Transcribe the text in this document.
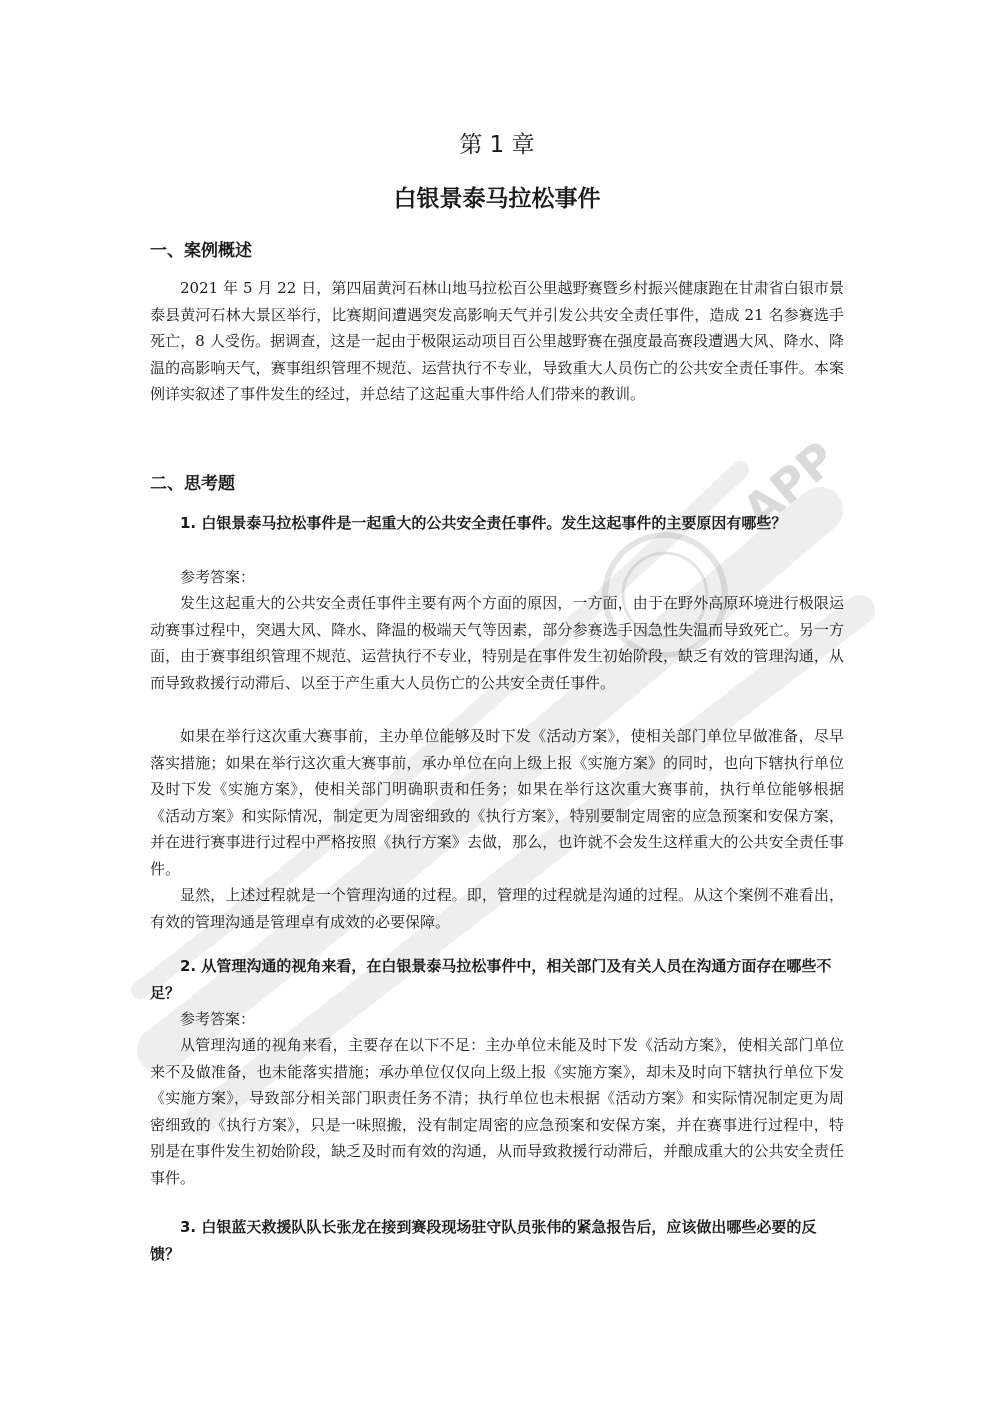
APP
第 1 章
白银景泰马拉松事件
一、案例概述

2021 年 5 月 22 日，第四届黄河石林山地马拉松百公里越野赛暨乡村振兴健康跑在甘肃省白银市景泰县黄河石林大景区举行，比赛期间遭遇突发高影响天气并引发公共安全责任事件，造成 21 名参赛选手死亡，8 人受伤。据调查，这是一起由于极限运动项目百公里越野赛在强度最高赛段遭遇大风、降水、降温的高影响天气，赛事组织管理不规范、运营执行不专业，导致重大人员伤亡的公共安全责任事件。本案例详实叙述了事件发生的经过，并总结了这起重大事件给人们带来的教训。

二、思考题

1. 白银景泰马拉松事件是一起重大的公共安全责任事件。发生这起事件的主要原因有哪些？

参考答案：

发生这起重大的公共安全责任事件主要有两个方面的原因，一方面，由于在野外高原环境进行极限运动赛事过程中，突遇大风、降水、降温的极端天气等因素，部分参赛选手因急性失温而导致死亡。另一方面，由于赛事组织管理不规范、运营执行不专业，特别是在事件发生初始阶段，缺乏有效的管理沟通，从而导致救援行动滞后、以至于产生重大人员伤亡的公共安全责任事件。

如果在举行这次重大赛事前，主办单位能够及时下发《活动方案》，使相关部门单位早做准备，尽早落实措施；如果在举行这次重大赛事前，承办单位在向上级上报《实施方案》的同时，也向下辖执行单位及时下发《实施方案》，使相关部门明确职责和任务；如果在举行这次重大赛事前，执行单位能够根据《活动方案》和实际情况，制定更为周密细致的《执行方案》，特别要制定周密的应急预案和安保方案，并在进行赛事进行过程中严格按照《执行方案》去做，那么，也许就不会发生这样重大的公共安全责任事件。

显然，上述过程就是一个管理沟通的过程。即，管理的过程就是沟通的过程。从这个案例不难看出，有效的管理沟通是管理卓有成效的必要保障。

2. 从管理沟通的视角来看，在白银景泰马拉松事件中，相关部门及有关人员在沟通方面存在哪些不足？

参考答案：

从管理沟通的视角来看，主要存在以下不足：主办单位未能及时下发《活动方案》，使相关部门单位来不及做准备，也未能落实措施；承办单位仅仅向上级上报《实施方案》，却未及时向下辖执行单位下发《实施方案》，导致部分相关部门职责任务不清；执行单位也未根据《活动方案》和实际情况制定更为周密细致的《执行方案》，只是一味照搬，没有制定周密的应急预案和安保方案，并在赛事进行过程中，特别是在事件发生初始阶段，缺乏及时而有效的沟通，从而导致救援行动滞后，并酿成重大的公共安全责任事件。

3. 白银蓝天救援队队长张龙在接到赛段现场驻守队员张伟的紧急报告后，应该做出哪些必要的反馈？
